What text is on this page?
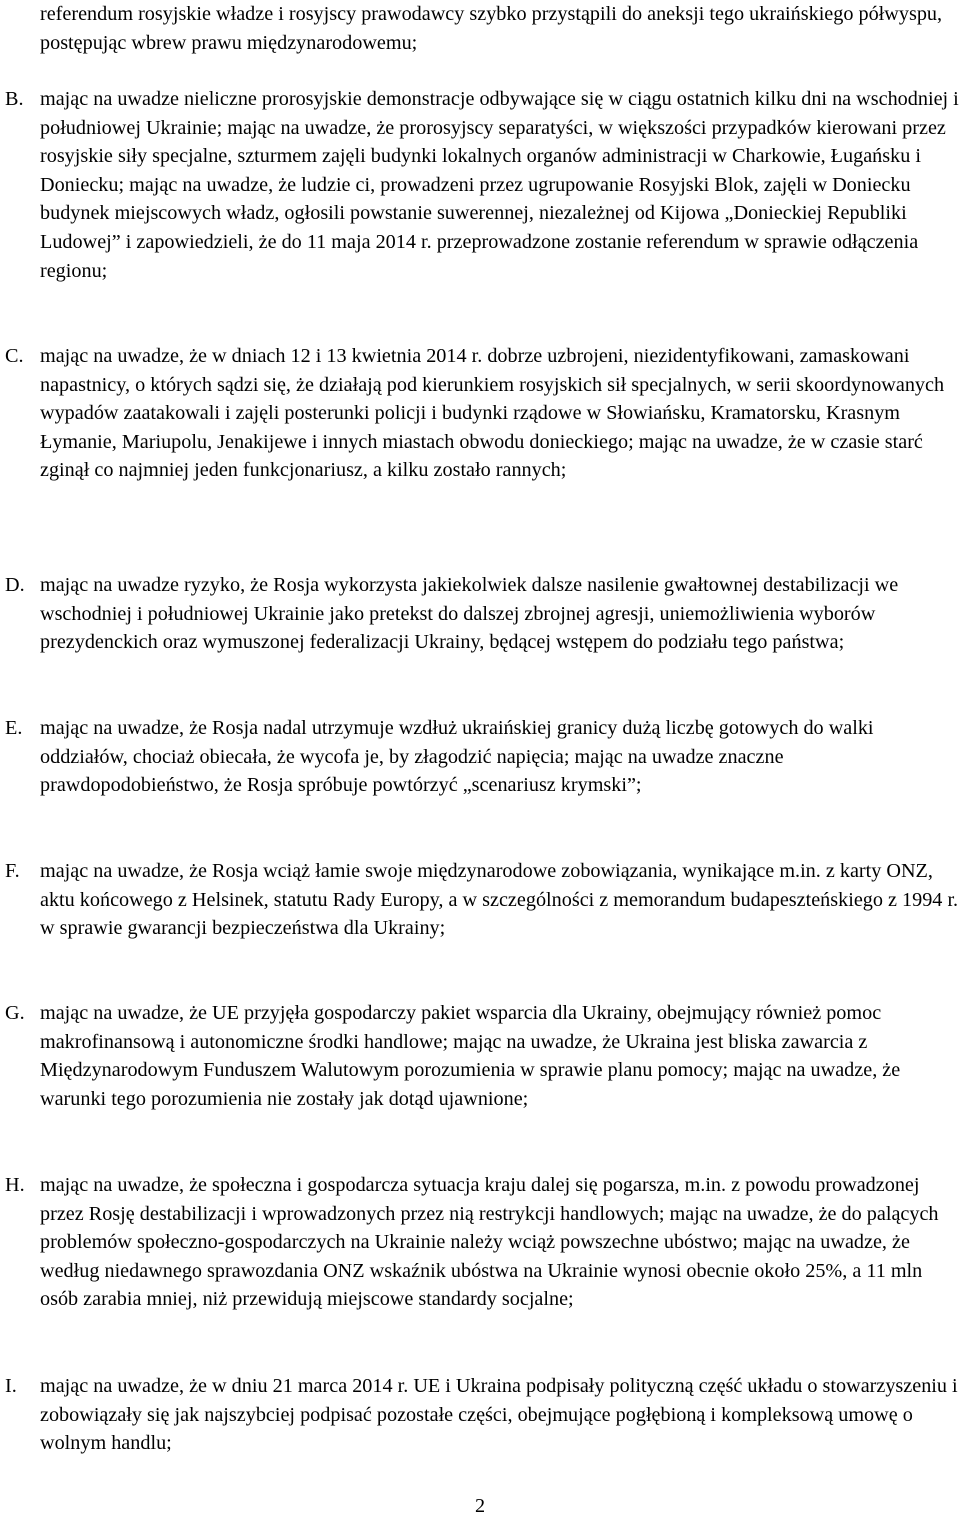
referendum rosyjskie władze i rosyjscy prawodawcy szybko przystąpili do aneksji tego ukraińskiego półwyspu, postępując wbrew prawu międzynarodowemu;
B. mając na uwadze nieliczne prorosyjskie demonstracje odbywające się w ciągu ostatnich kilku dni na wschodniej i południowej Ukrainie; mając na uwadze, że prorosyjscy separatyści, w większości przypadków kierowani przez rosyjskie siły specjalne, szturmem zajęli budynki lokalnych organów administracji w Charkowie, Ługańsku i Doniecku; mając na uwadze, że ludzie ci, prowadzeni przez ugrupowanie Rosyjski Blok, zajęli w Doniecku budynek miejscowych władz, ogłosili powstanie suwerennej, niezależnej od Kijowa „Donieckiej Republiki Ludowej” i zapowiedzieli, że do 11 maja 2014 r. przeprowadzone zostanie referendum w sprawie odłączenia regionu;
C. mając na uwadze, że w dniach 12 i 13 kwietnia 2014 r. dobrze uzbrojeni, niezidentyfikowani, zamaskowani napastnicy, o których sądzi się, że działają pod kierunkiem rosyjskich sił specjalnych, w serii skoordynowanych wypadów zaatakowali i zajęli posterunki policji i budynki rządowe w Słowiańsku, Kramatorsku, Krasnym Łymanie, Mariupolu, Jenakijewe i innych miastach obwodu donieckiego; mając na uwadze, że w czasie starć zginął co najmniej jeden funkcjonariusz, a kilku zostało rannych;
D. mając na uwadze ryzyko, że Rosja wykorzysta jakiekolwiek dalsze nasilenie gwałtownej destabilizacji we wschodniej i południowej Ukrainie jako pretekst do dalszej zbrojnej agresji, uniemożliwienia wyborów prezydenckich oraz wymuszonej federalizacji Ukrainy, będącej wstępem do podziału tego państwa;
E. mając na uwadze, że Rosja nadal utrzymuje wzdłuż ukraińskiej granicy dużą liczbę gotowych do walki oddziałów, chociaż obiecała, że wycofa je, by złagodzić napięcia; mając na uwadze znaczne prawdopodobieństwo, że Rosja spróbuje powtórzyć „scenariusz krymski”;
F. mając na uwadze, że Rosja wciąż łamie swoje międzynarodowe zobowiązania, wynikające m.in. z karty ONZ, aktu końcowego z Helsinek, statutu Rady Europy, a w szczególności z memorandum budapeszteńskiego z 1994 r. w sprawie gwarancji bezpieczeństwa dla Ukrainy;
G. mając na uwadze, że UE przyjęła gospodarczy pakiet wsparcia dla Ukrainy, obejmujący również pomoc makrofinansową i autonomiczne środki handlowe; mając na uwadze, że Ukraina jest bliska zawarcia z Międzynarodowym Funduszem Walutowym porozumienia w sprawie planu pomocy; mając na uwadze, że warunki tego porozumienia nie zostały jak dotąd ujawnione;
H. mając na uwadze, że społeczna i gospodarcza sytuacja kraju dalej się pogarsza, m.in. z powodu prowadzonej przez Rosję destabilizacji i wprowadzonych przez nią restrykcji handlowych; mając na uwadze, że do palących problemów społeczno-gospodarczych na Ukrainie należy wciąż powszechne ubóstwo; mając na uwadze, że według niedawnego sprawozdania ONZ wskaźnik ubóstwa na Ukrainie wynosi obecnie około 25%, a 11 mln osób zarabia mniej, niż przewidują miejscowe standardy socjalne;
I. mając na uwadze, że w dniu 21 marca 2014 r. UE i Ukraina podpisały polityczną część układu o stowarzyszeniu i zobowiązały się jak najszybciej podpisać pozostałe części, obejmujące pogłębioną i kompleksową umowę o wolnym handlu;
2
